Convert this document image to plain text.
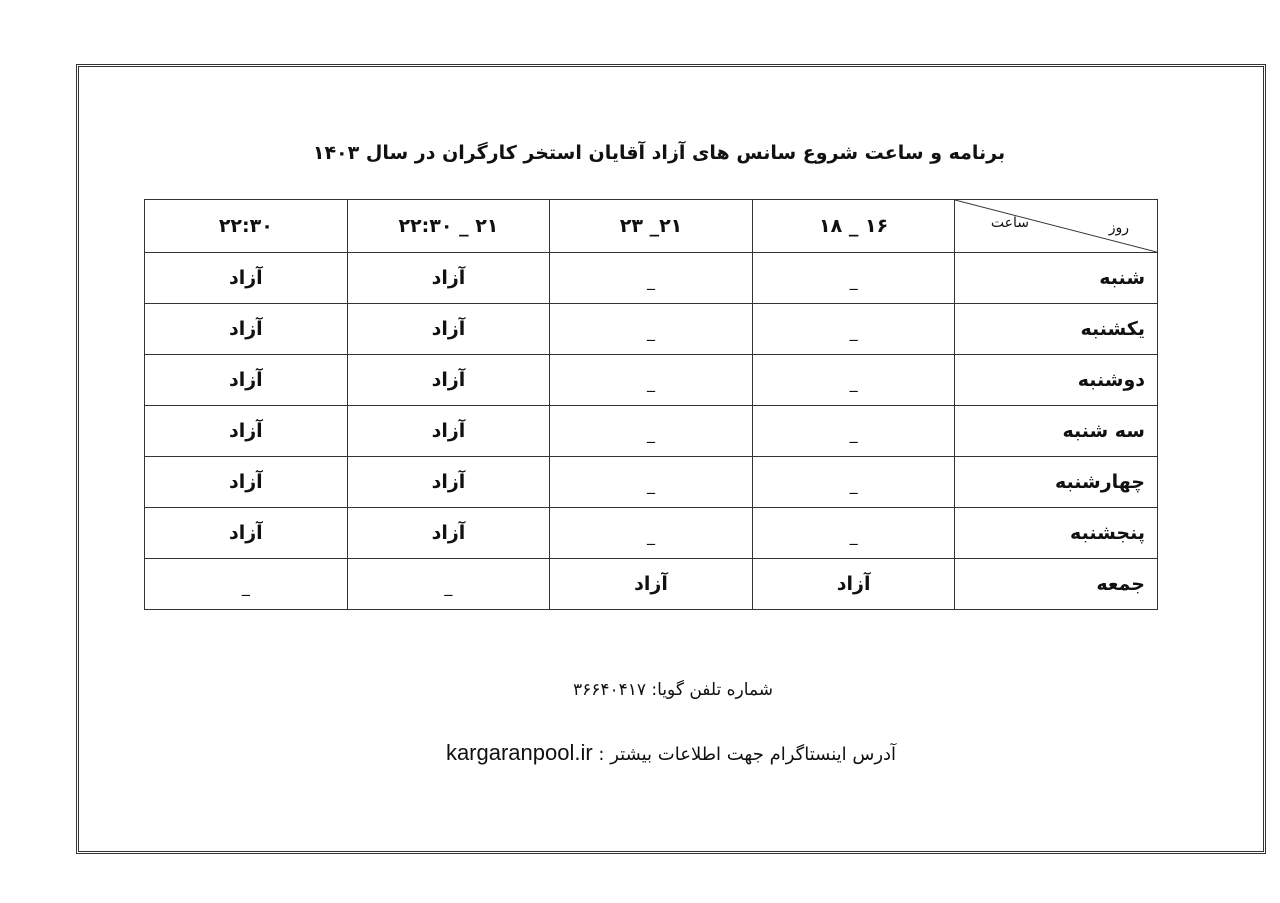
برنامه و ساعت شروع سانس های آزاد آقایان استخر کارگران در سال ۱۴۰۳
روز
ساعت	۱۶ _ ۱۸	۲۱_ ۲۳	۲۱ _ ۲۲:۳۰	۲۲:۳۰
شنبه	_	_	آزاد	آزاد
یکشنبه	_	_	آزاد	آزاد
دوشنبه	_	_	آزاد	آزاد
سه شنبه	_	_	آزاد	آزاد
چهارشنبه	_	_	آزاد	آزاد
پنجشنبه	_	_	آزاد	آزاد
جمعه	آزاد	آزاد	_	_
شماره تلفن گویا: ۳۶۶۴۰۴۱۷
آدرس اینستاگرام جهت اطلاعات بیشتر : kargaranpool.ir
